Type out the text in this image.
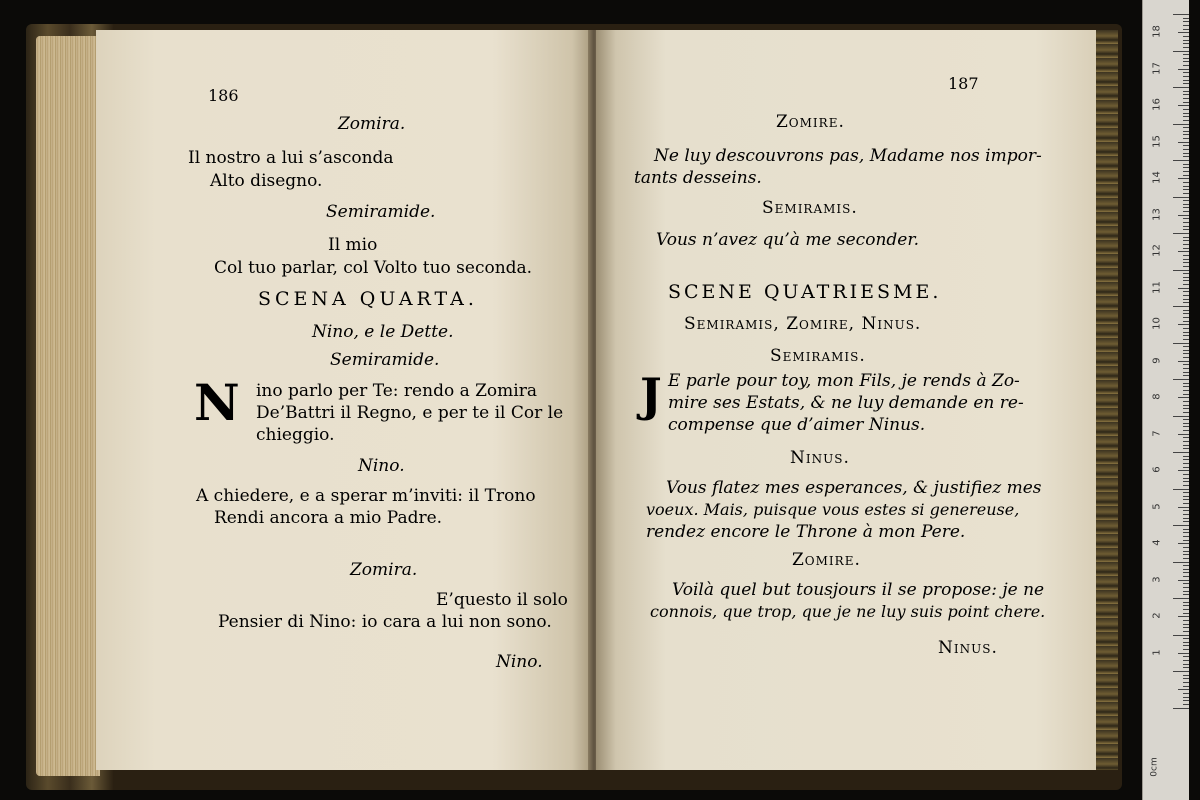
186
Zomira.
Il nostro a lui s’asconda
Alto disegno.
Semiramide.
Il mio
Col tuo parlar, col Volto tuo seconda.
SCENA QUARTA.
Nino, e le Dette.
Semiramide.
N ino parlo per Te: rendo a Zomira
De’Battri il Regno, e per te il Cor le
chieggio.
Nino.
A chiedere, e a sperar m’inviti: il Trono
Rendi ancora a mio Padre.
Zomira.
E’questo il solo
Pensier di Nino: io cara a lui non sono.
Nino.
187
Zomire.
Ne luy descouvrons pas, Madame nos impor-
tants desseins.
Semiramis.
Vous n’avez qu’à me seconder.
SCENE QUATRIESME.
Semiramis, Zomire, Ninus.
Semiramis.
J E parle pour toy, mon Fils, je rends à Zo-
mire ses Estats, & ne luy demande en re-
compense que d’aimer Ninus.
Ninus.
Vous flatez mes esperances, & justifiez mes
voeux. Mais, puisque vous estes si genereuse,
rendez encore le Throne à mon Pere.
Zomire.
Voilà quel but tousjours il se propose: je ne
connois, que trop, que je ne luy suis point chere.
Ninus.
0cm
18
17
16
15
14
13
12
11
10
9
8
7
6
5
4
3
2
1
